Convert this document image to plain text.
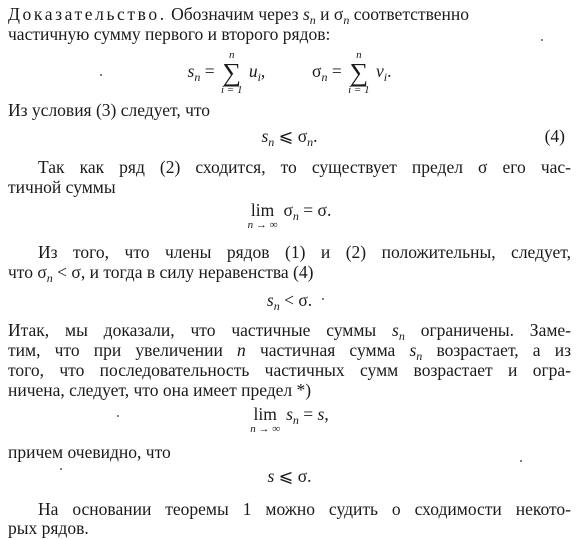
Доказательство. Обозначим через $s_n$ и $\sigma_n$ соответственно
частичную сумму первого и второго рядов:
$s_n$ =
n
∑
i = 1
$u_i$,	$\sigma_n$ =
n
∑
i = 1
$v_i$.
Из условия (3) следует, что
$s_n$ ⩽ $\sigma_n$.	(4)
Так как ряд (2) сходится, то существует предел σ его час-
тичной суммы
lim
n → ∞
$\sigma_n = \sigma$.
Из того, что члены рядов (1) и (2) положительны, следует,
что $\sigma_n < \sigma$, и тогда в силу неравенства (4)
$s_n < \sigma$.
Итак, мы доказали, что частичные суммы $s_n$ ограничены. Заме-
тим, что при увеличении n частичная сумма $s_n$ возрастает, а из
того, что последовательность частичных сумм возрастает и огра-
ничена, следует, что она имеет предел *)
lim
n → ∞
$s_n = s$,
причем очевидно, что
s ⩽ σ.
На основании теоремы 1 можно судить о сходимости некото-
рых рядов.
